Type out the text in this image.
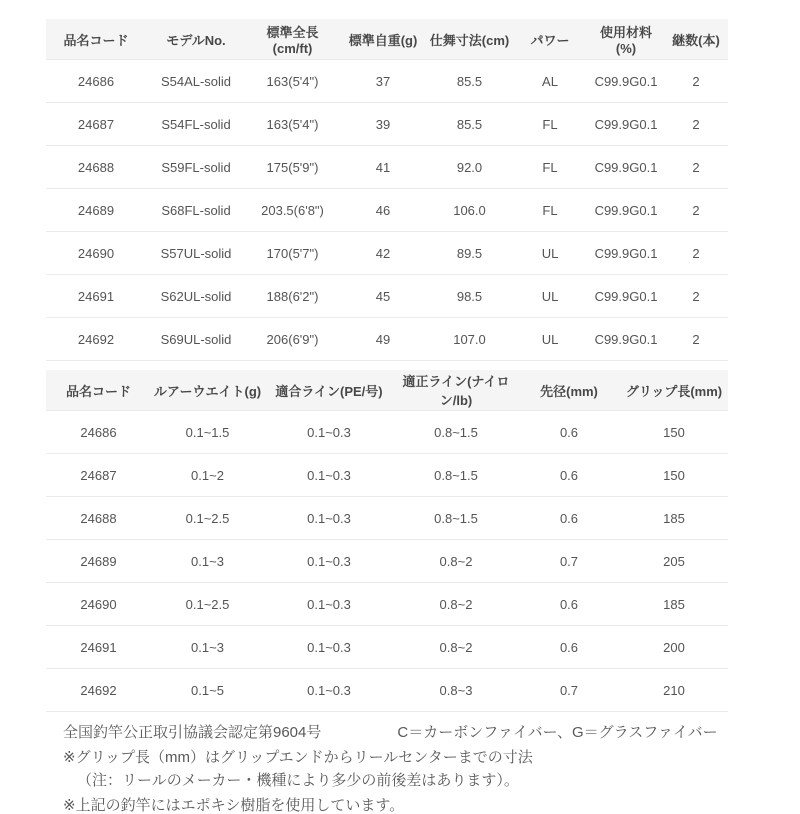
品名コード	モデルNo.	標準全長(cm/ft)	標準自重(g)	仕舞寸法(cm)	パワー	使用材料(%)	継数(本)
24686	S54AL-solid	163(5'4")	37	85.5	AL	C99.9G0.1	2
24687	S54FL-solid	163(5'4")	39	85.5	FL	C99.9G0.1	2
24688	S59FL-solid	175(5'9")	41	92.0	FL	C99.9G0.1	2
24689	S68FL-solid	203.5(6'8")	46	106.0	FL	C99.9G0.1	2
24690	S57UL-solid	170(5'7")	42	89.5	UL	C99.9G0.1	2
24691	S62UL-solid	188(6'2")	45	98.5	UL	C99.9G0.1	2
24692	S69UL-solid	206(6'9")	49	107.0	UL	C99.9G0.1	2
品名コード	ルアーウエイト(g)	適合ライン(PE/号)	適正ライン(ナイロン/lb)	先径(mm)	グリップ長(mm)
24686	0.1~1.5	0.1~0.3	0.8~1.5	0.6	150
24687	0.1~2	0.1~0.3	0.8~1.5	0.6	150
24688	0.1~2.5	0.1~0.3	0.8~1.5	0.6	185
24689	0.1~3	0.1~0.3	0.8~2	0.7	205
24690	0.1~2.5	0.1~0.3	0.8~2	0.6	185
24691	0.1~3	0.1~0.3	0.8~2	0.6	200
24692	0.1~5	0.1~0.3	0.8~3	0.7	210

全国釣竿公正取引協議会認定第9604号	C＝カーボンファイバー、G＝グラスファイバー

※グリップ長（mm）はグリップエンドからリールセンターまでの寸法

（注：リールのメーカー・機種により多少の前後差はあります）。

※上記の釣竿にはエポキシ樹脂を使用しています。
